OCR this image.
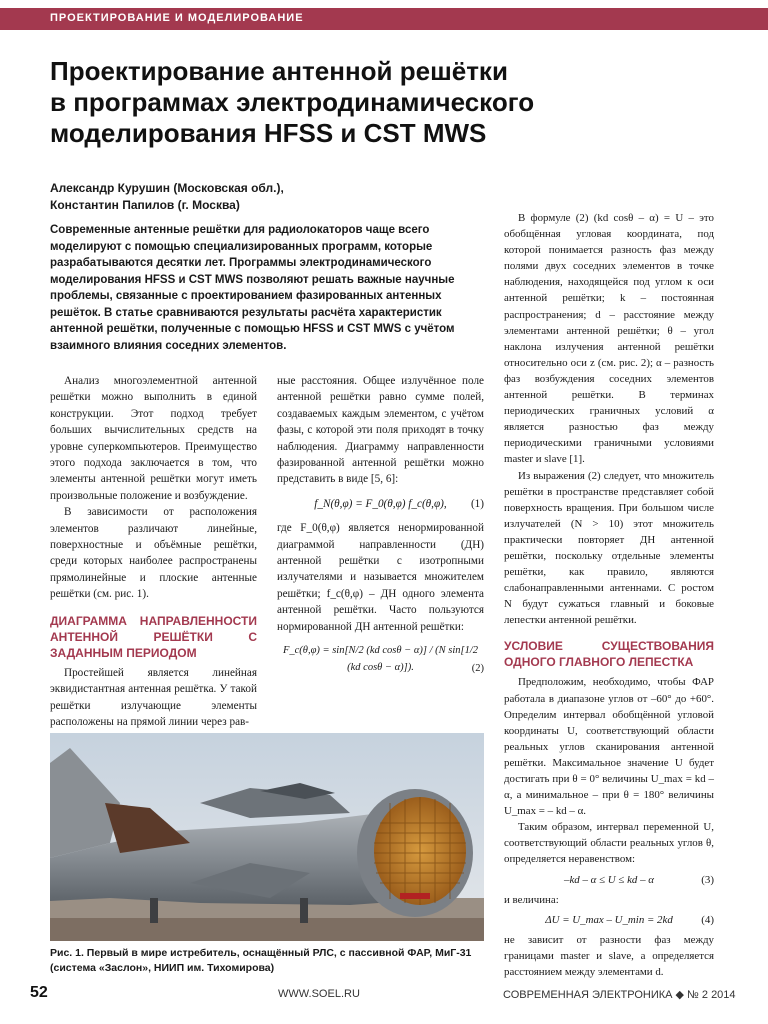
ПРОЕКТИРОВАНИЕ И МОДЕЛИРОВАНИЕ
Проектирование антенной решётки
в программах электродинамического
моделирования HFSS и CST MWS
Александр Курушин (Московская обл.),
Константин Папилов (г. Москва)
Современные антенные решётки для радиолокаторов чаще всего моделируют с помощью специализированных программ, которые разрабатываются десятки лет. Программы электродинамического моделирования HFSS и CST MWS позволяют решать важные научные проблемы, связанные с проектированием фазированных антенных решёток. В статье сравниваются результаты расчёта характеристик антенной решётки, полученные с помощью HFSS и CST MWS с учётом взаимного влияния соседних элементов.

Анализ многоэлементной антенной решётки можно выполнить в единой конструкции. Этот подход требует больших вычислительных средств на уровне суперкомпьютеров. Преимущество этого подхода заключается в том, что элементы антенной решётки могут иметь произвольные положение и возбуждение.

В зависимости от расположения элементов различают линейные, поверхностные и объёмные решётки, среди которых наиболее распространены прямолинейные и плоские антенные решётки (см. рис. 1).

ДИАГРАММА НАПРАВЛЕННОСТИ АНТЕННОЙ РЕШЁТКИ С ЗАДАННЫМ ПЕРИОДОМ

Простейшей является линейная эквидистантная антенная решётка. У такой решётки излучающие элементы расположены на прямой линии через рав-

ные расстояния. Общее излучённое поле антенной решётки равно сумме полей, создаваемых каждым элементом, с учётом фазы, с которой эти поля приходят в точку наблюдения. Диаграмму направленности фазированной антенной решётки можно представить в виде [5, 6]:

f_N(θ,φ) = F_0(θ,φ) f_c(θ,φ), (1)

где F_0(θ,φ) является ненормированной диаграммой направленности (ДН) антенной решётки с изотропными излучателями и называется множителем решётки; f_c(θ,φ) – ДН одного элемента антенной решётки. Часто пользуются нормированной ДН антенной решётки:

F_c(θ,φ) = sin[N/2 (kd cosθ − α)] / (N sin[1/2 (kd cosθ − α)]).	(2)

В формуле (2) (kd cosθ – α) = U – это обобщённая угловая координата, под которой понимается разность фаз между полями двух соседних элементов в точке наблюдения, находящейся под углом к оси антенной решётки; k – постоянная распространения; d – расстояние между элементами антенной решётки; θ – угол наклона излучения антенной решётки относительно оси z (см. рис. 2); α – разность фаз возбуждения соседних элементов антенной решётки. В терминах периодических граничных условий α является разностью фаз между периодическими граничными условиями master и slave [1].

Из выражения (2) следует, что множитель решётки в пространстве представляет собой поверхность вращения. При большом числе излучателей (N > 10) этот множитель практически повторяет ДН антенной решётки, поскольку отдельные элементы решётки, как правило, являются слабонаправленными антеннами. С ростом N будут сужаться главный и боковые лепестки антенной решётки.

УСЛОВИЕ СУЩЕСТВОВАНИЯ ОДНОГО ГЛАВНОГО ЛЕПЕСТКА

Предположим, необходимо, чтобы ФАР работала в диапазоне углов от –60° до +60°. Определим интервал обобщённой угловой координаты U, соответствующий области реальных углов сканирования антенной решётки. Максимальное значение U будет достигать при θ = 0° величины U_max = kd – α, а минимальное – при θ = 180° величины U_max = – kd – α.

Таким образом, интервал переменной U, соответствующий области реальных углов θ, определяется неравенством:

–kd – α ≤ U ≤ kd – α	(3)

и величина:

ΔU = U_max – U_min = 2kd	(4)

не зависит от разности фаз между границами master и slave, а определяется расстоянием между элементами d.

Рис. 1. Первый в мире истребитель, оснащённый РЛС, с пассивной ФАР, МиГ-31 (система «Заслон», НИИП им. Тихомирова)
52	WWW.SOEL.RU	СОВРЕМЕННАЯ ЭЛЕКТРОНИКА ◆ № 2 2014
